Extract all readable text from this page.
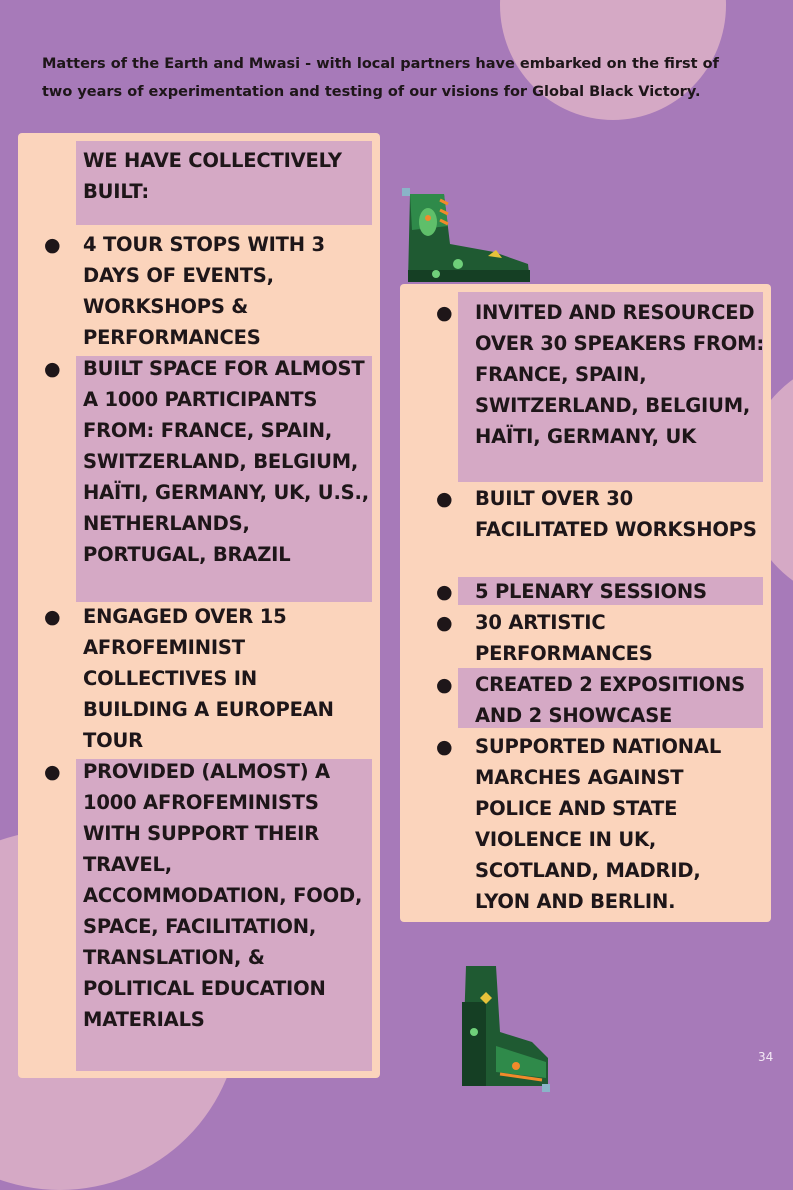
Matters of the Earth and Mwasi - with local partners have embarked on the first of two years of experimentation and testing of our visions for Global Black Victory.

WE HAVE COLLECTIVELY BUILT:

● 4 TOUR STOPS WITH 3 DAYS OF EVENTS, WORKSHOPS & PERFORMANCES

● BUILT SPACE FOR ALMOST A 1000 PARTICIPANTS FROM: FRANCE, SPAIN, SWITZERLAND, BELGIUM, HAÏTI, GERMANY, UK, U.S., NETHERLANDS, PORTUGAL, BRAZIL

● ENGAGED OVER 15 AFROFEMINIST COLLECTIVES IN BUILDING A EUROPEAN TOUR

● PROVIDED (ALMOST) A 1000 AFROFEMINISTS WITH SUPPORT THEIR TRAVEL, ACCOMMODATION, FOOD, SPACE, FACILITATION, TRANSLATION, & POLITICAL EDUCATION MATERIALS

● INVITED AND RESOURCED OVER 30 SPEAKERS FROM: FRANCE, SPAIN, SWITZERLAND, BELGIUM, HAÏTI, GERMANY, UK

● BUILT OVER 30 FACILITATED WORKSHOPS

● 5 PLENARY SESSIONS

● 30 ARTISTIC PERFORMANCES

● CREATED 2 EXPOSITIONS AND 2 SHOWCASE

● SUPPORTED NATIONAL MARCHES AGAINST POLICE AND STATE VIOLENCE IN UK, SCOTLAND, MADRID, LYON AND BERLIN.

34
